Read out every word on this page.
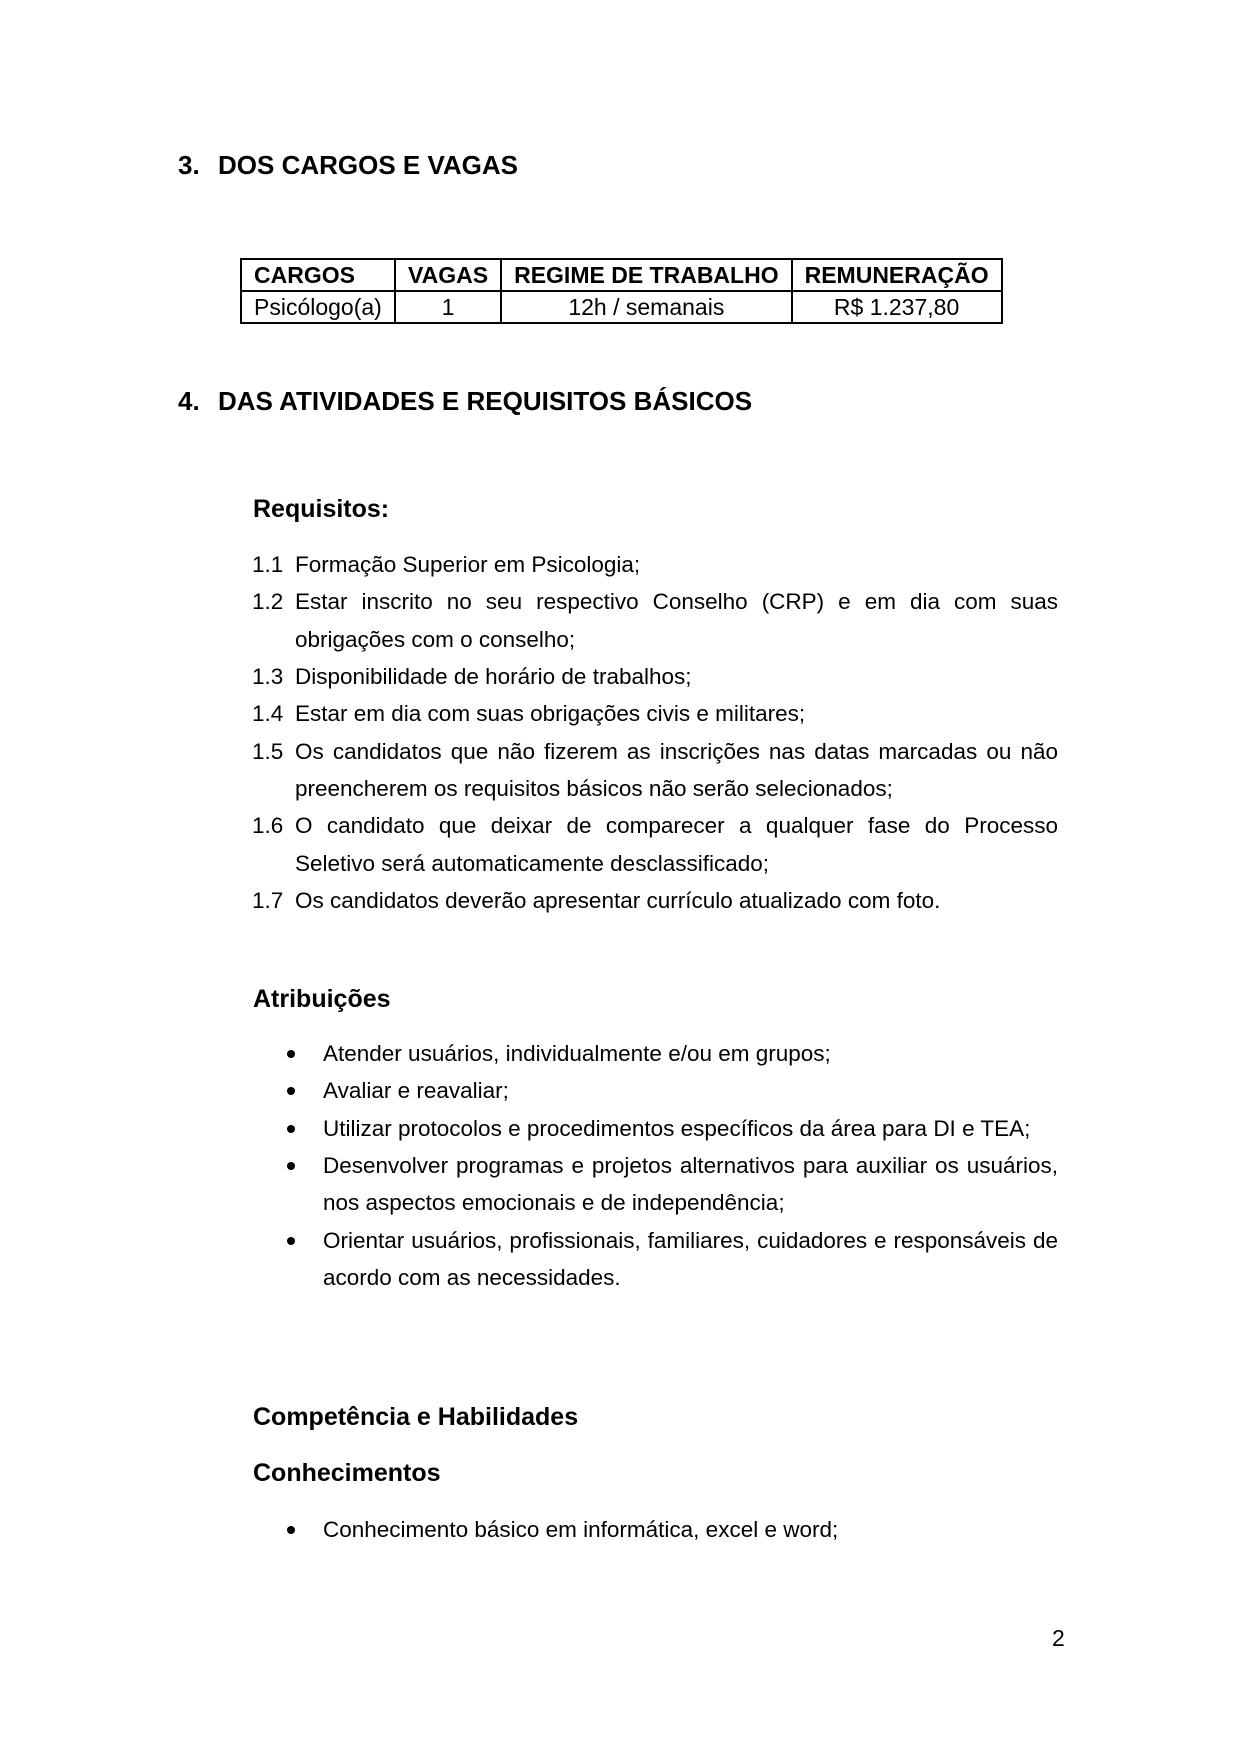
3. DOS CARGOS E VAGAS
CARGOS	VAGAS	REGIME DE TRABALHO	REMUNERAÇÃO
Psicólogo(a)	1	12h / semanais	R$ 1.237,80
4. DAS ATIVIDADES E REQUISITOS BÁSICOS
Requisitos:
1.1 Formação Superior em Psicologia;
1.2 Estar inscrito no seu respectivo Conselho (CRP) e em dia com suas obrigações com o conselho;
1.3 Disponibilidade de horário de trabalhos;
1.4 Estar em dia com suas obrigações civis e militares;
1.5 Os candidatos que não fizerem as inscrições nas datas marcadas ou não preencherem os requisitos básicos não serão selecionados;
1.6 O candidato que deixar de comparecer a qualquer fase do Processo Seletivo será automaticamente desclassificado;
1.7 Os candidatos deverão apresentar currículo atualizado com foto.
Atribuições
Atender usuários, individualmente e/ou em grupos;
Avaliar e reavaliar;
Utilizar protocolos e procedimentos específicos da área para DI e TEA;
Desenvolver programas e projetos alternativos para auxiliar os usuários, nos aspectos emocionais e de independência;
Orientar usuários, profissionais, familiares, cuidadores e responsáveis de acordo com as necessidades.
Competência e Habilidades
Conhecimentos
Conhecimento básico em informática, excel e word;
2
